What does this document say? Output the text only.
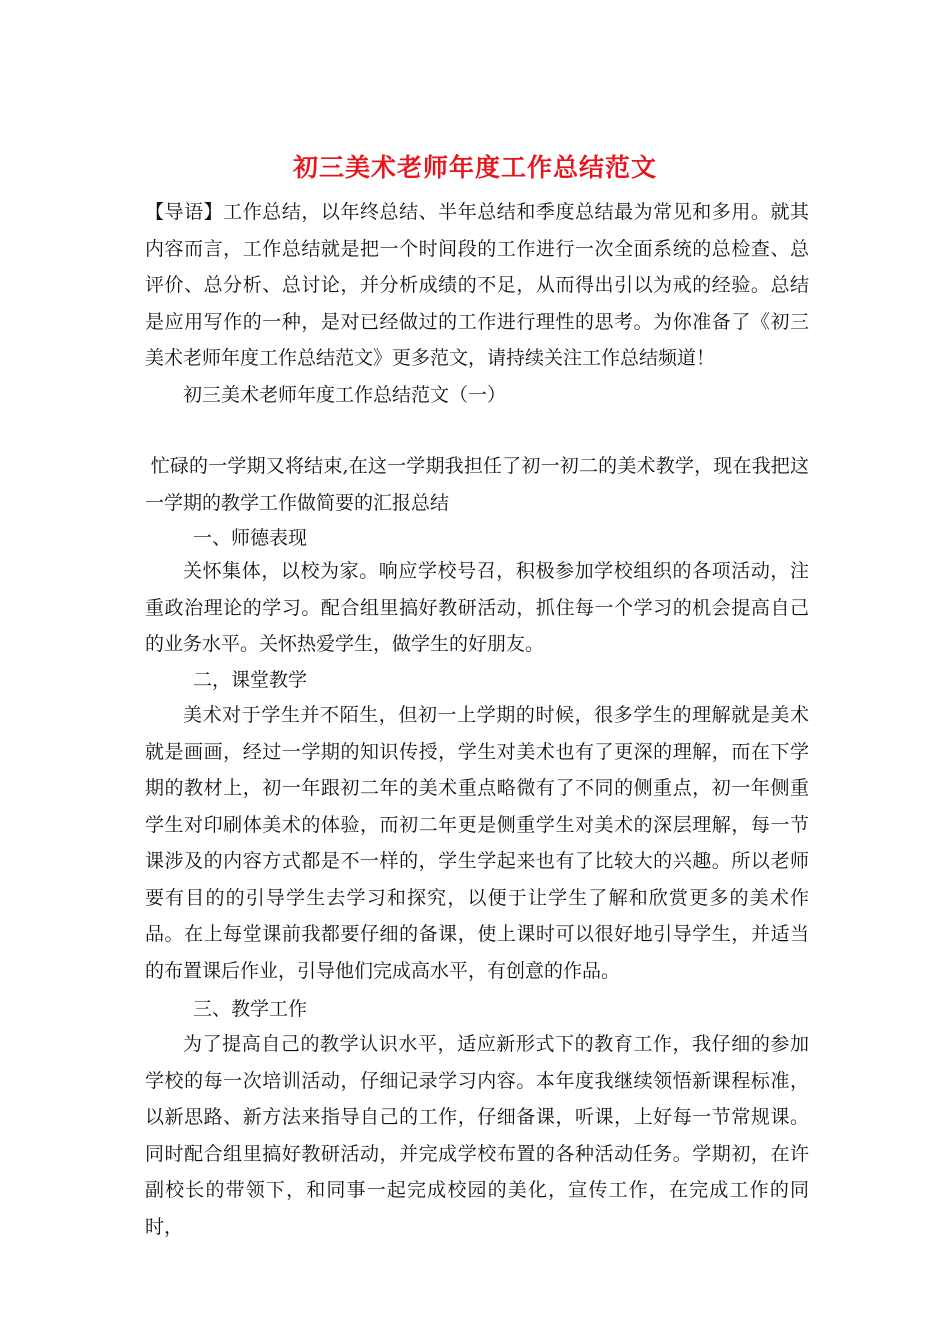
初三美术老师年度工作总结范文
【导语】工作总结，以年终总结、半年总结和季度总结最为常见和多用。就其内容而言，工作总结就是把一个时间段的工作进行一次全面系统的总检查、总评价、总分析、总讨论，并分析成绩的不足，从而得出引以为戒的经验。总结是应用写作的一种，是对已经做过的工作进行理性的思考。为你准备了《初三美术老师年度工作总结范文》更多范文，请持续关注工作总结频道！
初三美术老师年度工作总结范文（一）
忙碌的一学期又将结束,在这一学期我担任了初一初二的美术教学，现在我把这一学期的教学工作做简要的汇报总结
一、师德表现
关怀集体，以校为家。响应学校号召，积极参加学校组织的各项活动，注重政治理论的学习。配合组里搞好教研活动，抓住每一个学习的机会提高自己的业务水平。关怀热爱学生，做学生的好朋友。
二，课堂教学
美术对于学生并不陌生，但初一上学期的时候，很多学生的理解就是美术就是画画，经过一学期的知识传授，学生对美术也有了更深的理解，而在下学期的教材上，初一年跟初二年的美术重点略微有了不同的侧重点，初一年侧重学生对印刷体美术的体验，而初二年更是侧重学生对美术的深层理解，每一节课涉及的内容方式都是不一样的，学生学起来也有了比较大的兴趣。所以老师要有目的的引导学生去学习和探究，以便于让学生了解和欣赏更多的美术作品。在上每堂课前我都要仔细的备课，使上课时可以很好地引导学生，并适当的布置课后作业，引导他们完成高水平，有创意的作品。
三、教学工作
为了提高自己的教学认识水平，适应新形式下的教育工作，我仔细的参加学校的每一次培训活动，仔细记录学习内容。本年度我继续领悟新课程标准，以新思路、新方法来指导自己的工作，仔细备课，听课，上好每一节常规课。同时配合组里搞好教研活动，并完成学校布置的各种活动任务。学期初，在许副校长的带领下，和同事一起完成校园的美化，宣传工作，在完成工作的同时，
